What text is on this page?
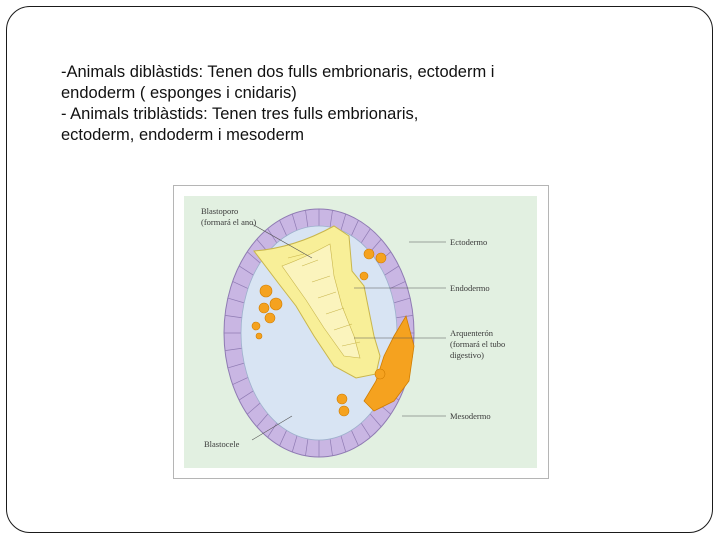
-Animals diblàstids: Tenen dos fulls embrionaris, ectoderm i
endoderm ( esponges i cnidaris)
- Animals triblàstids: Tenen tres fulls embrionaris,
ectoderm, endoderm i mesoderm
Blastoporo
(formará el ano)
Ectodermo
Endodermo
Arquenterón
(formará el tubo
digestivo)
Mesodermo
Blastocele
